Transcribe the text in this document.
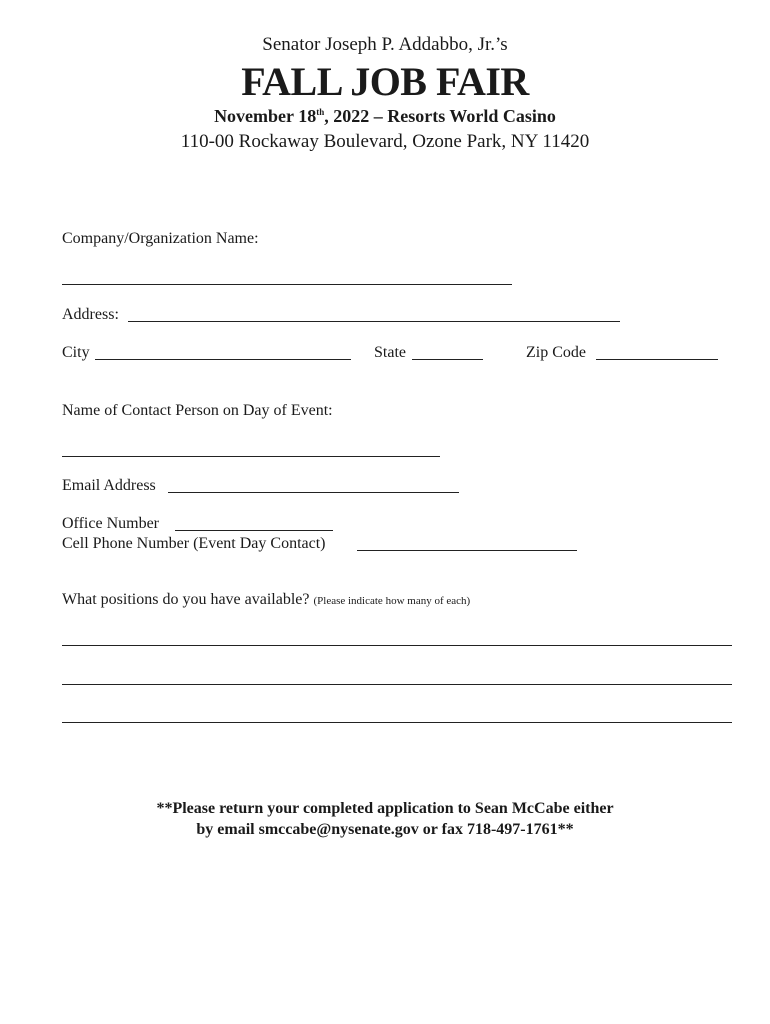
Senator Joseph P. Addabbo, Jr.’s
FALL JOB FAIR
November 18th, 2022 – Resorts World Casino
110-00 Rockaway Boulevard, Ozone Park, NY 11420
Company/Organization Name:
Address:
City	State	Zip Code
Name of Contact Person on Day of Event:
Email Address
Office Number
Cell Phone Number (Event Day Contact)
What positions do you have available? (Please indicate how many of each)
**Please return your completed application to Sean McCabe either
by email smccabe@nysenate.gov or fax 718-497-1761**
